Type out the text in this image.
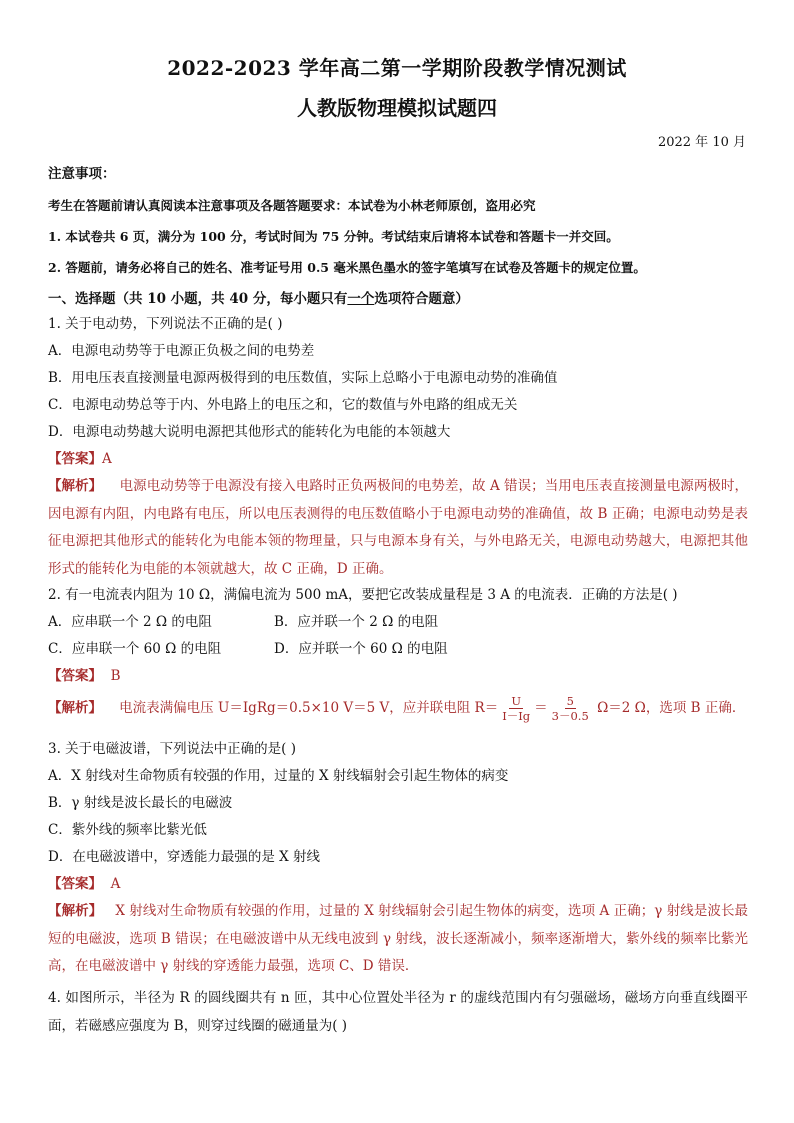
2022-2023 学年高二第一学期阶段教学情况测试
人教版物理模拟试题四
2022 年 10 月
注意事项：
考生在答题前请认真阅读本注意事项及各题答题要求：本试卷为小林老师原创，盗用必究
1. 本试卷共 6 页，满分为 100 分，考试时间为 75 分钟。考试结束后请将本试卷和答题卡一并交回。
2. 答题前，请务必将自己的姓名、准考证号用 0.5 毫米黑色墨水的签字笔填写在试卷及答题卡的规定位置。
一、选择题（共 10 小题，共 40 分，每小题只有一个选项符合题意）
1. 关于电动势，下列说法不正确的是( )
A．电源电动势等于电源正负极之间的电势差
B．用电压表直接测量电源两极得到的电压数值，实际上总略小于电源电动势的准确值
C．电源电动势总等于内、外电路上的电压之和，它的数值与外电路的组成无关
D．电源电动势越大说明电源把其他形式的能转化为电能的本领越大
【答案】A
【解析】 电源电动势等于电源没有接入电路时正负两极间的电势差，故 A 错误；当用电压表直接测量电源两极时，因电源有内阻，内电路有电压，所以电压表测得的电压数值略小于电源电动势的准确值，故 B 正确；电源电动势是表征电源把其他形式的能转化为电能本领的物理量，只与电源本身有关，与外电路无关，电源电动势越大，电源把其他形式的能转化为电能的本领就越大，故 C 正确，D 正确。
2. 有一电流表内阻为 10 Ω，满偏电流为 500 mA，要把它改装成量程是 3 A 的电流表．正确的方法是( )
A．应串联一个 2 Ω 的电阻	B．应并联一个 2 Ω 的电阻
C．应串联一个 60 Ω 的电阻	D．应并联一个 60 Ω 的电阻
【答案】 B
【解析】 电流表满偏电压 U＝IgRg＝0.5×10 V＝5 V，应并联电阻 $R= \frac{U}{I-Ig} = \frac{5}{3-0.5} \Omega=2$ Ω，选项 B 正确．
3. 关于电磁波谱，下列说法中正确的是( )
A．X 射线对生命物质有较强的作用，过量的 X 射线辐射会引起生物体的病变
B．γ 射线是波长最长的电磁波
C．紫外线的频率比紫光低
D．在电磁波谱中，穿透能力最强的是 X 射线
【答案】 A
【解析】 X 射线对生命物质有较强的作用，过量的 X 射线辐射会引起生物体的病变，选项 A 正确；γ 射线是波长最短的电磁波，选项 B 错误；在电磁波谱中从无线电波到 γ 射线，波长逐渐减小，频率逐渐增大，紫外线的频率比紫光高，在电磁波谱中 γ 射线的穿透能力最强，选项 C、D 错误．
4. 如图所示，半径为 R 的圆线圈共有 n 匝，其中心位置处半径为 r 的虚线范围内有匀强磁场，磁场方向垂直线圈平面，若磁感应强度为 B，则穿过线圈的磁通量为( )
